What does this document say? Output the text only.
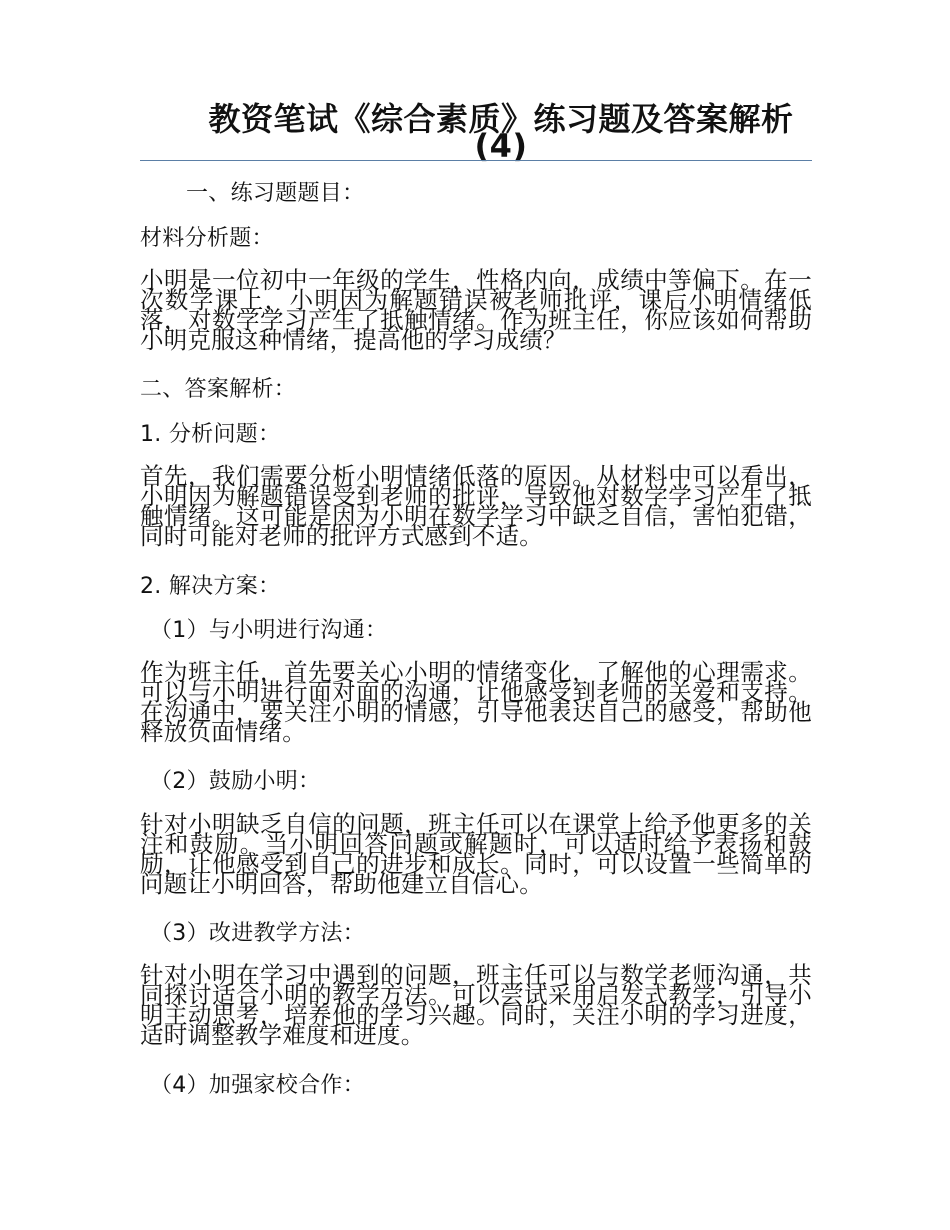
教资笔试《综合素质》练习题及答案解析(4)
一、练习题题目：
材料分析题：
小明是一位初中一年级的学生，性格内向，成绩中等偏下。在一次数学课上，小明因为解题错误被老师批评，课后小明情绪低落，对数学学习产生了抵触情绪。作为班主任，你应该如何帮助小明克服这种情绪，提高他的学习成绩？
二、答案解析：
1. 分析问题：
首先，我们需要分析小明情绪低落的原因。从材料中可以看出，小明因为解题错误受到老师的批评，导致他对数学学习产生了抵触情绪。这可能是因为小明在数学学习中缺乏自信，害怕犯错，同时可能对老师的批评方式感到不适。
2. 解决方案：
（1）与小明进行沟通：
作为班主任，首先要关心小明的情绪变化，了解他的心理需求。可以与小明进行面对面的沟通，让他感受到老师的关爱和支持。在沟通中，要关注小明的情感，引导他表达自己的感受，帮助他释放负面情绪。
（2）鼓励小明：
针对小明缺乏自信的问题，班主任可以在课堂上给予他更多的关注和鼓励。当小明回答问题或解题时，可以适时给予表扬和鼓励，让他感受到自己的进步和成长。同时，可以设置一些简单的问题让小明回答，帮助他建立自信心。
（3）改进教学方法：
针对小明在学习中遇到的问题，班主任可以与数学老师沟通，共同探讨适合小明的教学方法。可以尝试采用启发式教学，引导小明主动思考，培养他的学习兴趣。同时，关注小明的学习进度，适时调整教学难度和进度。
（4）加强家校合作：
